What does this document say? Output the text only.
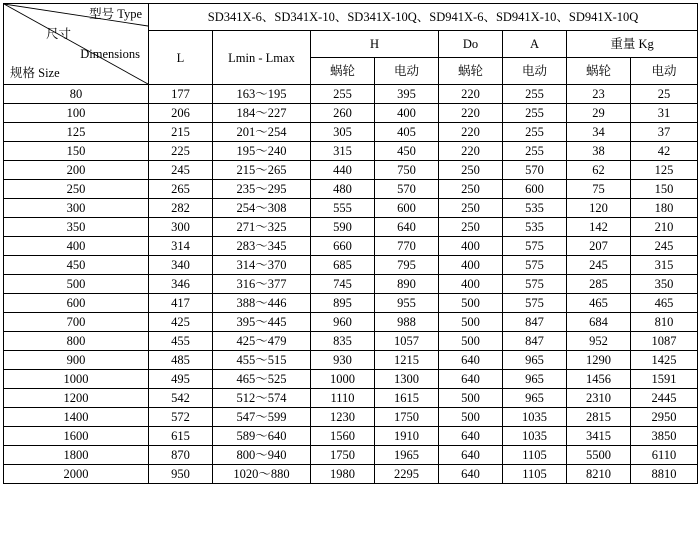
型号 Type
尺寸
Dimensions
规格 Size	SD341X-6、SD341X-10、SD341X-10Q、SD941X-6、SD941X-10、SD941X-10Q							
	L	Lmin - Lmax	H		Do	A	重量 Kg	
			蜗轮	电动	蜗轮	电动	蜗轮	电动
80	177	163～195	255	395	220	255	23	25
100	206	184～227	260	400	220	255	29	31
125	215	201～254	305	405	220	255	34	37
150	225	195～240	315	450	220	255	38	42
200	245	215～265	440	750	250	570	62	125
250	265	235～295	480	570	250	600	75	150
300	282	254～308	555	600	250	535	120	180
350	300	271～325	590	640	250	535	142	210
400	314	283～345	660	770	400	575	207	245
450	340	314～370	685	795	400	575	245	315
500	346	316～377	745	890	400	575	285	350
600	417	388～446	895	955	500	575	465	465
700	425	395～445	960	988	500	847	684	810
800	455	425～479	835	1057	500	847	952	1087
900	485	455～515	930	1215	640	965	1290	1425
1000	495	465～525	1000	1300	640	965	1456	1591
1200	542	512～574	1110	1615	500	965	2310	2445
1400	572	547～599	1230	1750	500	1035	2815	2950
1600	615	589～640	1560	1910	640	1035	3415	3850
1800	870	800～940	1750	1965	640	1105	5500	6110
2000	950	1020～880	1980	2295	640	1105	8210	8810
